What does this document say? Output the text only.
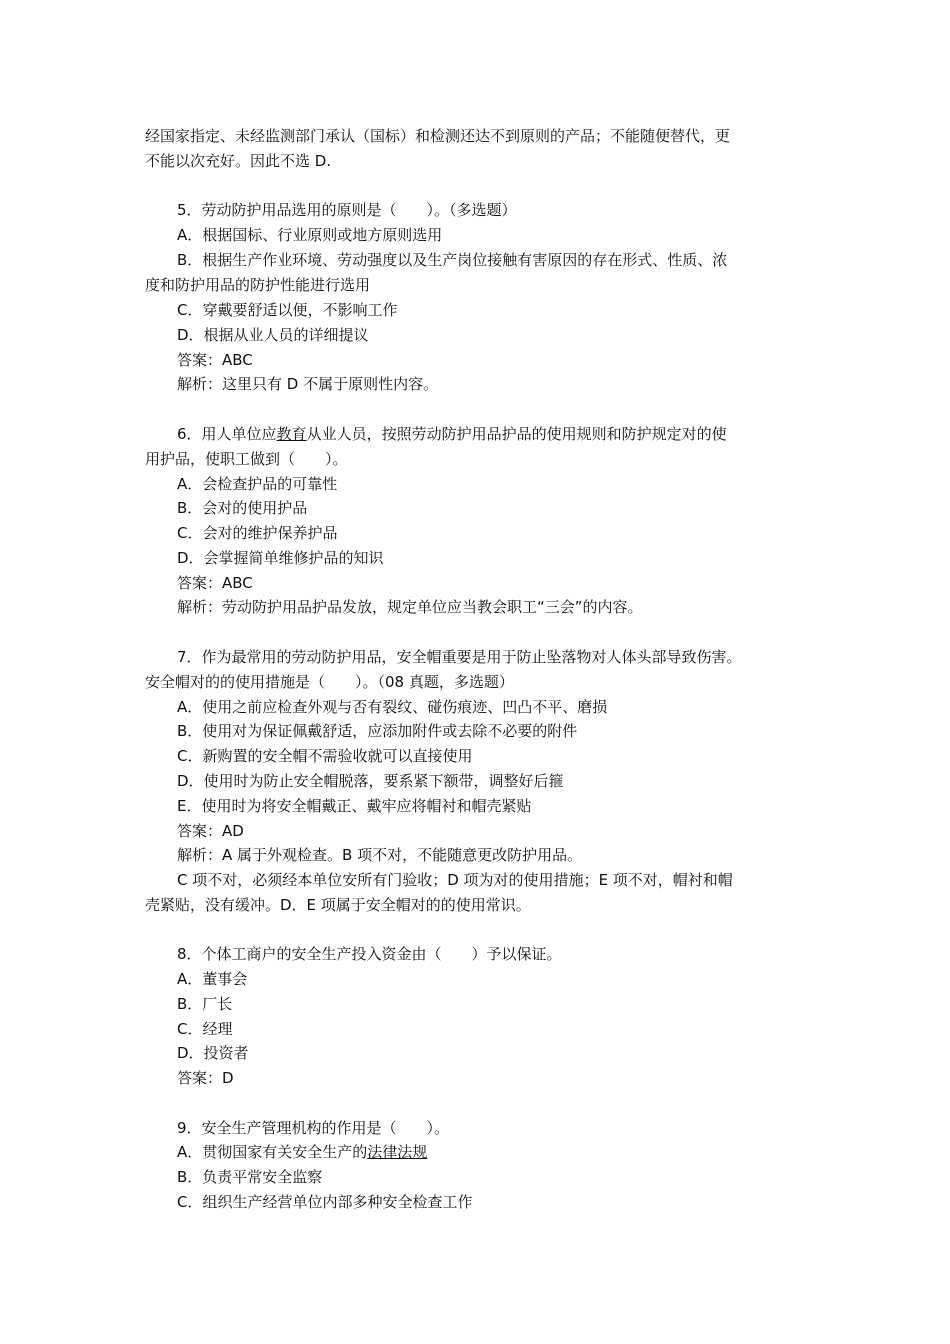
经国家指定、未经监测部门承认（国标）和检测还达不到原则的产品；不能随便替代，更
不能以次充好。因此不选 D.
5．劳动防护用品选用的原则是（　　）。（多选题）
A．根据国标、行业原则或地方原则选用
B．根据生产作业环境、劳动强度以及生产岗位接触有害原因的存在形式、性质、浓
度和防护用品的防护性能进行选用
C．穿戴要舒适以便，不影响工作
D．根据从业人员的详细提议
答案：ABC
解析：这里只有 D 不属于原则性内容。
6．用人单位应教育从业人员，按照劳动防护用品护品的使用规则和防护规定对的使
用护品，使职工做到（　　）。
A．会检查护品的可靠性
B．会对的使用护品
C．会对的维护保养护品
D．会掌握简单维修护品的知识
答案：ABC
解析：劳动防护用品护品发放，规定单位应当教会职工“三会”的内容。
7．作为最常用的劳动防护用品，安全帽重要是用于防止坠落物对人体头部导致伤害。
安全帽对的的使用措施是（　　）。（08 真题，多选题）
A．使用之前应检查外观与否有裂纹、碰伤痕迹、凹凸不平、磨损
B．使用对为保证佩戴舒适，应添加附件或去除不必要的附件
C．新购置的安全帽不需验收就可以直接使用
D．使用时为防止安全帽脱落，要系紧下额带，调整好后箍
E．使用时为将安全帽戴正、戴牢应将帽衬和帽壳紧贴
答案：AD
解析：A 属于外观检查。B 项不对，不能随意更改防护用品。
C 项不对，必须经本单位安所有门验收；D 项为对的使用措施；E 项不对，帽衬和帽
壳紧贴，没有缓冲。D．E 项属于安全帽对的的使用常识。
8．个体工商户的安全生产投入资金由（　　）予以保证。
A．董事会
B．厂长
C．经理
D．投资者
答案：D
9．安全生产管理机构的作用是（　　）。
A．贯彻国家有关安全生产的法律法规
B．负责平常安全监察
C．组织生产经营单位内部多种安全检查工作
